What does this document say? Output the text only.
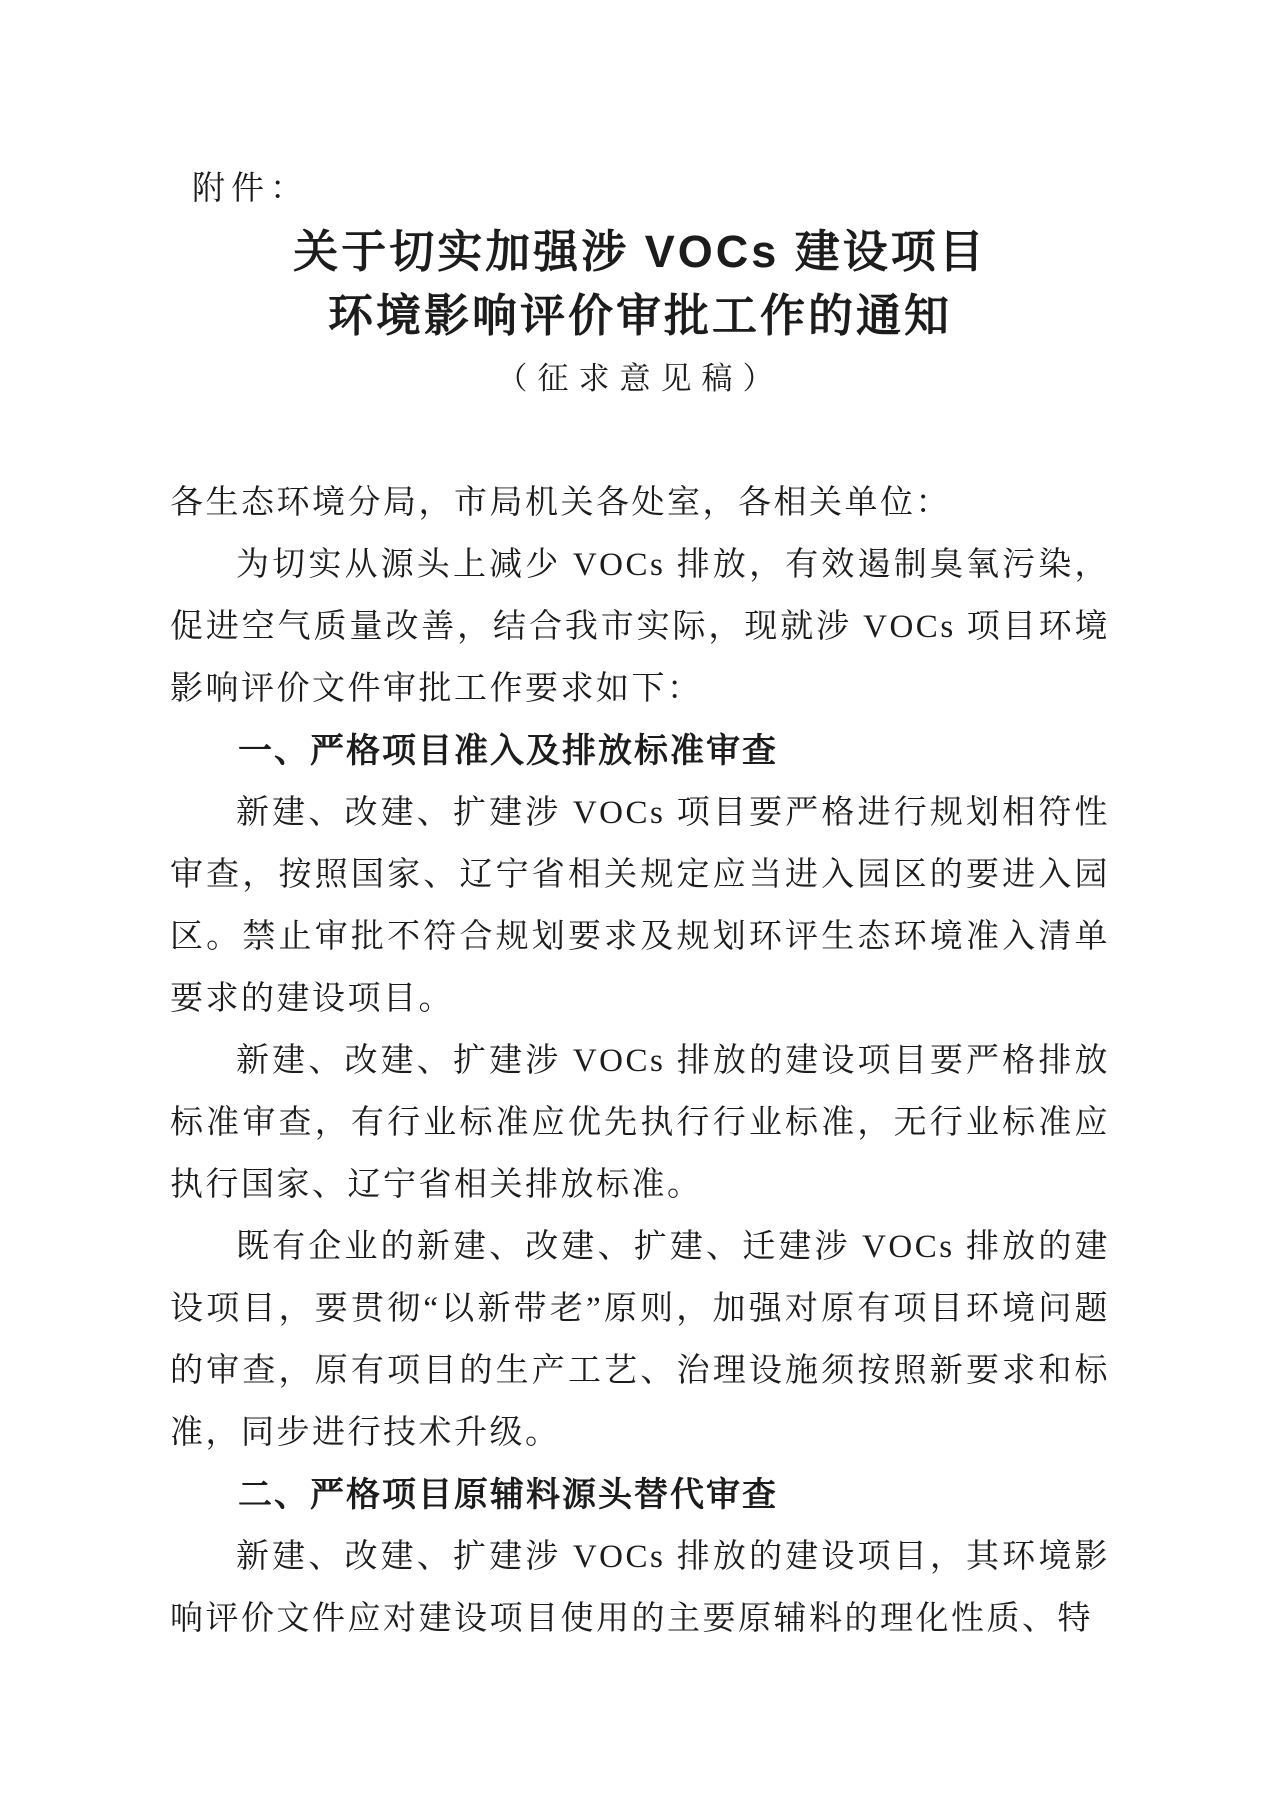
附件：
关于切实加强涉 VOCs 建设项目
环境影响评价审批工作的通知
（征求意见稿）
各生态环境分局，市局机关各处室，各相关单位：

为切实从源头上减少 VOCs 排放，有效遏制臭氧污染，促进空气质量改善，结合我市实际，现就涉 VOCs 项目环境影响评价文件审批工作要求如下：

一、严格项目准入及排放标准审查

新建、改建、扩建涉 VOCs 项目要严格进行规划相符性审查，按照国家、辽宁省相关规定应当进入园区的要进入园区。禁止审批不符合规划要求及规划环评生态环境准入清单要求的建设项目。

新建、改建、扩建涉 VOCs 排放的建设项目要严格排放标准审查，有行业标准应优先执行行业标准，无行业标准应执行国家、辽宁省相关排放标准。

既有企业的新建、改建、扩建、迁建涉 VOCs 排放的建设项目，要贯彻“以新带老”原则，加强对原有项目环境问题的审查，原有项目的生产工艺、治理设施须按照新要求和标准，同步进行技术升级。

二、严格项目原辅料源头替代审查

新建、改建、扩建涉 VOCs 排放的建设项目，其环境影响评价文件应对建设项目使用的主要原辅料的理化性质、特
